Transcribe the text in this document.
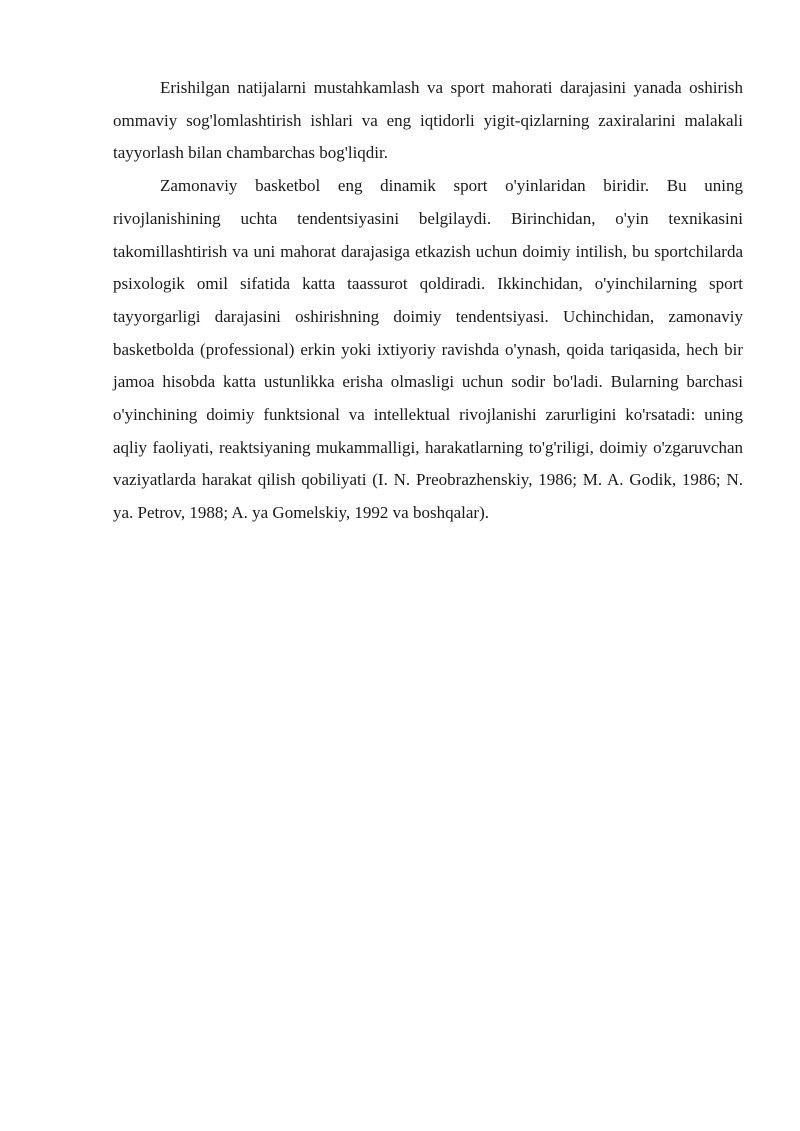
Erishilgan natijalarni mustahkamlash va sport mahorati darajasini yanada oshirish ommaviy sog'lomlashtirish ishlari va eng iqtidorli yigit-qizlarning zaxiralarini malakali tayyorlash bilan chambarchas bog'liqdir.

Zamonaviy basketbol eng dinamik sport o'yinlaridan biridir. Bu uning rivojlanishining uchta tendentsiyasini belgilaydi. Birinchidan, o'yin texnikasini takomillashtirish va uni mahorat darajasiga etkazish uchun doimiy intilish, bu sportchilarda psixologik omil sifatida katta taassurot qoldiradi. Ikkinchidan, o'yinchilarning sport tayyorgarligi darajasini oshirishning doimiy tendentsiyasi. Uchinchidan, zamonaviy basketbolda (professional) erkin yoki ixtiyoriy ravishda o'ynash, qoida tariqasida, hech bir jamoa hisobda katta ustunlikka erisha olmasligi uchun sodir bo'ladi. Bularning barchasi o'yinchining doimiy funktsional va intellektual rivojlanishi zarurligini ko'rsatadi: uning aqliy faoliyati, reaktsiyaning mukammalligi, harakatlarning to'g'riligi, doimiy o'zgaruvchan vaziyatlarda harakat qilish qobiliyati (I. N. Preobrazhenskiy, 1986; M. A. Godik, 1986; N. ya. Petrov, 1988; A. ya Gomelskiy, 1992 va boshqalar).
